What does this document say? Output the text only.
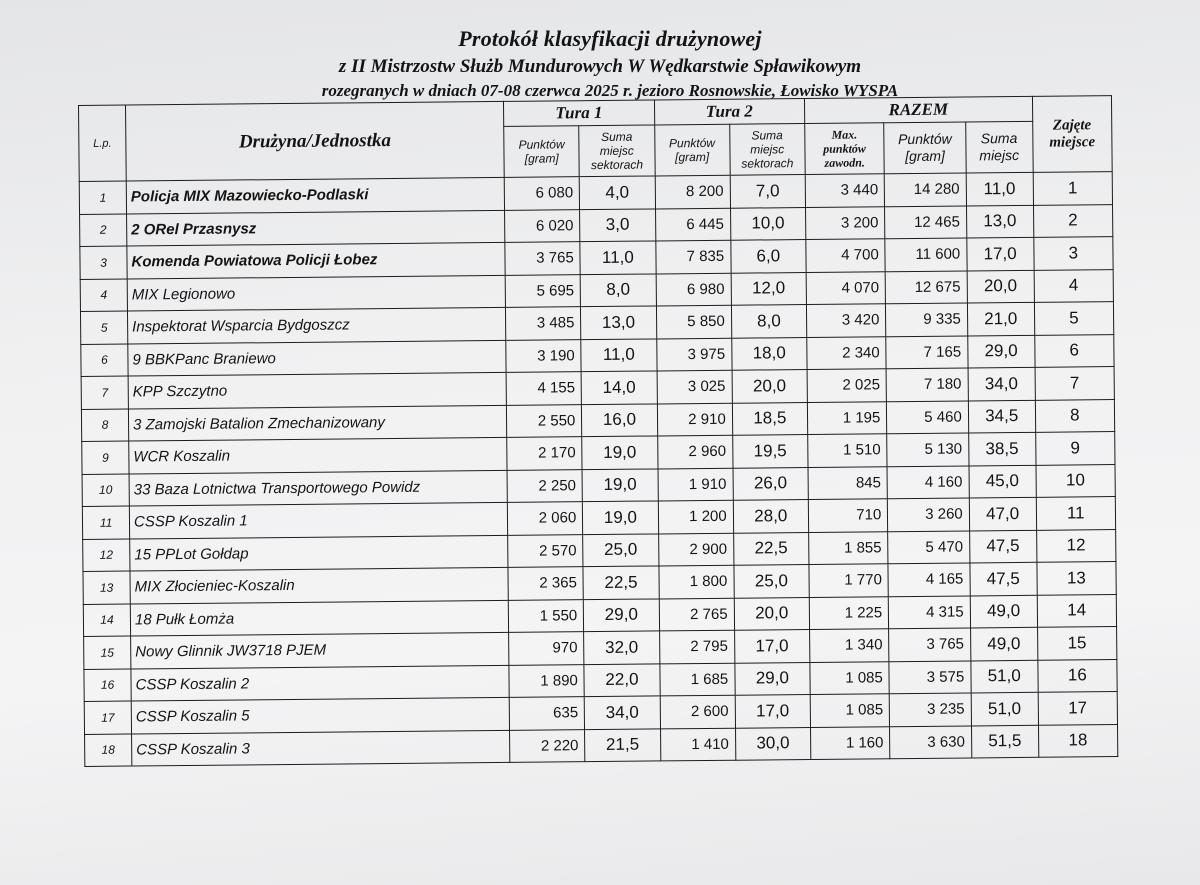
Protokół klasyfikacji drużynowej
z II Mistrzostw Służb Mundurowych W Wędkarstwie Spławikowym
rozegranych w dniach 07-08 czerwca 2025 r. jezioro Rosnowskie, Łowisko WYSPA
L.p.	Drużyna/Jednostka	Tura 1		Tura 2		RAZEM			Zajęte miejsce
		Punktów [gram]	Suma miejsc sektorach	Punktów [gram]	Suma miejsc sektorach	Max. punktów zawodn.	Punktów [gram]	Suma miejsc	
1	Policja MIX Mazowiecko-Podlaski	6 080	4,0	8 200	7,0	3 440	14 280	11,0	1
2	2 ORel Przasnysz	6 020	3,0	6 445	10,0	3 200	12 465	13,0	2
3	Komenda Powiatowa Policji Łobez	3 765	11,0	7 835	6,0	4 700	11 600	17,0	3
4	MIX Legionowo	5 695	8,0	6 980	12,0	4 070	12 675	20,0	4
5	Inspektorat Wsparcia Bydgoszcz	3 485	13,0	5 850	8,0	3 420	9 335	21,0	5
6	9 BBKPanc Braniewo	3 190	11,0	3 975	18,0	2 340	7 165	29,0	6
7	KPP Szczytno	4 155	14,0	3 025	20,0	2 025	7 180	34,0	7
8	3 Zamojski Batalion Zmechanizowany	2 550	16,0	2 910	18,5	1 195	5 460	34,5	8
9	WCR Koszalin	2 170	19,0	2 960	19,5	1 510	5 130	38,5	9
10	33 Baza Lotnictwa Transportowego Powidz	2 250	19,0	1 910	26,0	845	4 160	45,0	10
11	CSSP Koszalin 1	2 060	19,0	1 200	28,0	710	3 260	47,0	11
12	15 PPLot Gołdap	2 570	25,0	2 900	22,5	1 855	5 470	47,5	12
13	MIX Złocieniec-Koszalin	2 365	22,5	1 800	25,0	1 770	4 165	47,5	13
14	18 Pułk Łomża	1 550	29,0	2 765	20,0	1 225	4 315	49,0	14
15	Nowy Glinnik JW3718 PJEM	970	32,0	2 795	17,0	1 340	3 765	49,0	15
16	CSSP Koszalin 2	1 890	22,0	1 685	29,0	1 085	3 575	51,0	16
17	CSSP Koszalin 5	635	34,0	2 600	17,0	1 085	3 235	51,0	17
18	CSSP Koszalin 3	2 220	21,5	1 410	30,0	1 160	3 630	51,5	18
